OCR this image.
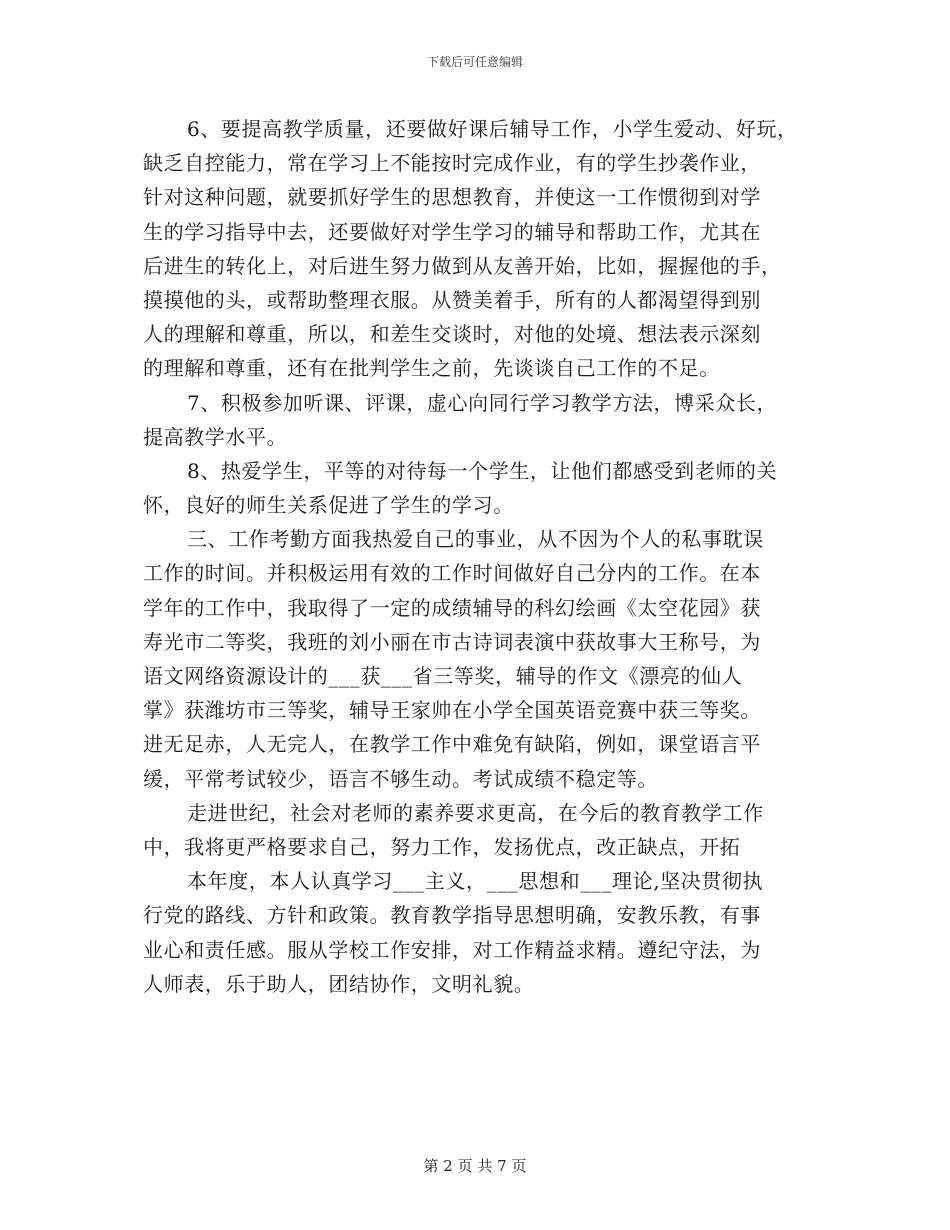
下载后可任意编辑
6、要提高教学质量，还要做好课后辅导工作，小学生爱动、好玩，
缺乏自控能力，常在学习上不能按时完成作业，有的学生抄袭作业，
针对这种问题，就要抓好学生的思想教育，并使这一工作惯彻到对学
生的学习指导中去，还要做好对学生学习的辅导和帮助工作，尤其在
后进生的转化上，对后进生努力做到从友善开始，比如，握握他的手，
摸摸他的头，或帮助整理衣服。从赞美着手，所有的人都渴望得到别
人的理解和尊重，所以，和差生交谈时，对他的处境、想法表示深刻
的理解和尊重，还有在批判学生之前，先谈谈自己工作的不足。
7、积极参加听课、评课，虚心向同行学习教学方法，博采众长，
提高教学水平。
8、热爱学生，平等的对待每一个学生，让他们都感受到老师的关
怀，良好的师生关系促进了学生的学习。
三、工作考勤方面我热爱自己的事业，从不因为个人的私事耽误
工作的时间。并积极运用有效的工作时间做好自己分内的工作。在本
学年的工作中，我取得了一定的成绩辅导的科幻绘画《太空花园》获
寿光市二等奖，我班的刘小丽在市古诗词表演中获故事大王称号，为
语文网络资源设计的___获___省三等奖，辅导的作文《漂亮的仙人
掌》获潍坊市三等奖，辅导王家帅在小学全国英语竞赛中获三等奖。
进无足赤，人无完人，在教学工作中难免有缺陷，例如，课堂语言平
缓，平常考试较少，语言不够生动。考试成绩不稳定等。
走进世纪，社会对老师的素养要求更高，在今后的教育教学工作
中，我将更严格要求自己，努力工作，发扬优点，改正缺点，开拓
本年度，本人认真学习___主义，___思想和___理论,坚决贯彻执
行党的路线、方针和政策。教育教学指导思想明确，安教乐教，有事
业心和责任感。服从学校工作安排，对工作精益求精。遵纪守法，为
人师表，乐于助人，团结协作，文明礼貌。
第 2 页 共 7 页
